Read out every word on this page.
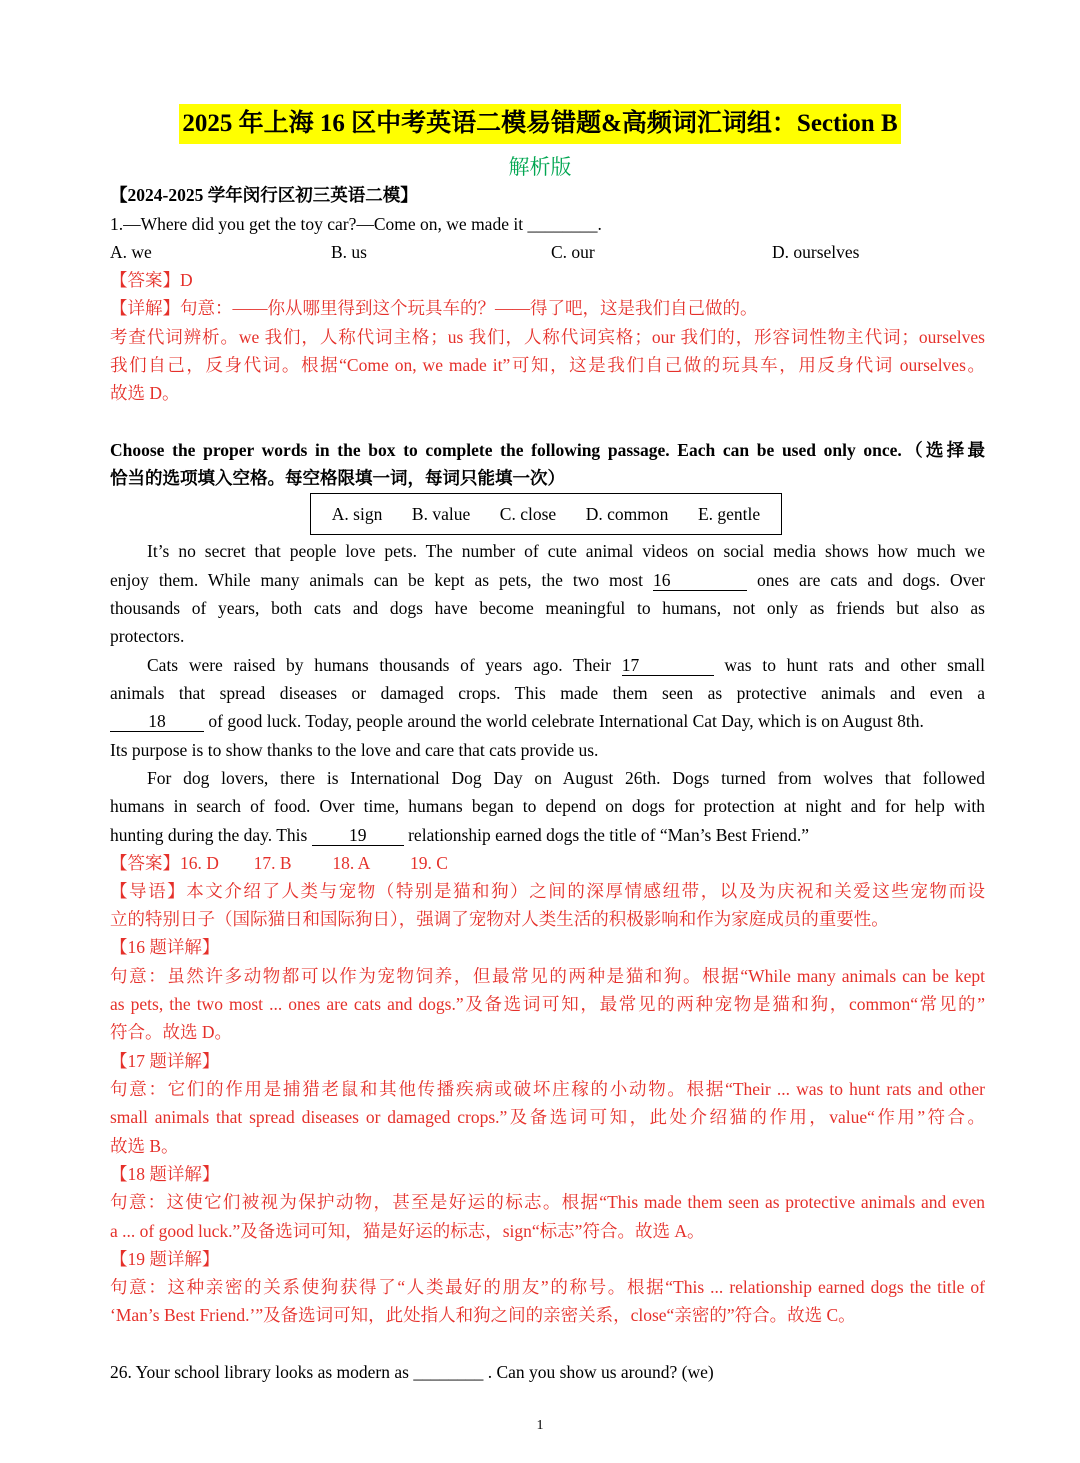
2025 年上海 16 区中考英语二模易错题&高频词汇词组：Section B
解析版
【2024-2025 学年闵行区初三英语二模】
1.—Where did you get the toy car?—Come on, we made it ________.
A. we	B. us	C. our	D. ourselves
【答案】D
【详解】句意：——你从哪里得到这个玩具车的？——得了吧，这是我们自己做的。
考查代词辨析。we 我们，人称代词主格；us 我们，人称代词宾格；our 我们的，形容词性物主代词；ourselves
我们自己，反身代词。根据“Come on, we made it”可知，这是我们自己做的玩具车，用反身代词 ourselves。
故选 D。
Choose the proper words in the box to complete the following passage. Each can be used only once.（选择最
恰当的选项填入空格。每空格限填一词，每词只能填一次）
A. sign B. value C. close D. common E. gentle
It’s no secret that people love pets. The number of cute animal videos on social media shows how much we
enjoy them. While many animals can be kept as pets, the two most 16	ones are cats and dogs. Over
thousands of years, both cats and dogs have become meaningful to humans, not only as friends but also as
protectors.
Cats were raised by humans thousands of years ago. Their 17	was to hunt rats and other small
animals that spread diseases or damaged crops. This made them seen as protective animals and even a
18 of good luck. Today, people around the world celebrate International Cat Day, which is on August 8th.
Its purpose is to show thanks to the love and care that cats provide us.
For dog lovers, there is International Dog Day on August 26th. Dogs turned from wolves that followed
humans in search of food. Over time, humans began to depend on dogs for protection at night and for help with
hunting during the day. This 19 relationship earned dogs the title of “Man’s Best Friend.”
【答案】16. D 17. B 18. A 19. C
【导语】本文介绍了人类与宠物（特别是猫和狗）之间的深厚情感纽带，以及为庆祝和关爱这些宠物而设
立的特别日子（国际猫日和国际狗日），强调了宠物对人类生活的积极影响和作为家庭成员的重要性。
【16 题详解】
句意：虽然许多动物都可以作为宠物饲养，但最常见的两种是猫和狗。根据“While many animals can be kept
as pets, the two most ... ones are cats and dogs.”及备选词可知，最常见的两种宠物是猫和狗，common“常见的”
符合。故选 D。
【17 题详解】
句意：它们的作用是捕猎老鼠和其他传播疾病或破坏庄稼的小动物。根据“Their ... was to hunt rats and other
small animals that spread diseases or damaged crops.”及备选词可知，此处介绍猫的作用，value“作用”符合。
故选 B。
【18 题详解】
句意：这使它们被视为保护动物，甚至是好运的标志。根据“This made them seen as protective animals and even
a ... of good luck.”及备选词可知，猫是好运的标志，sign“标志”符合。故选 A。
【19 题详解】
句意：这种亲密的关系使狗获得了“人类最好的朋友”的称号。根据“This ... relationship earned dogs the title of
‘Man’s Best Friend.’”及备选词可知，此处指人和狗之间的亲密关系，close“亲密的”符合。故选 C。
26. Your school library looks as modern as ________ . Can you show us around? (we)
1
